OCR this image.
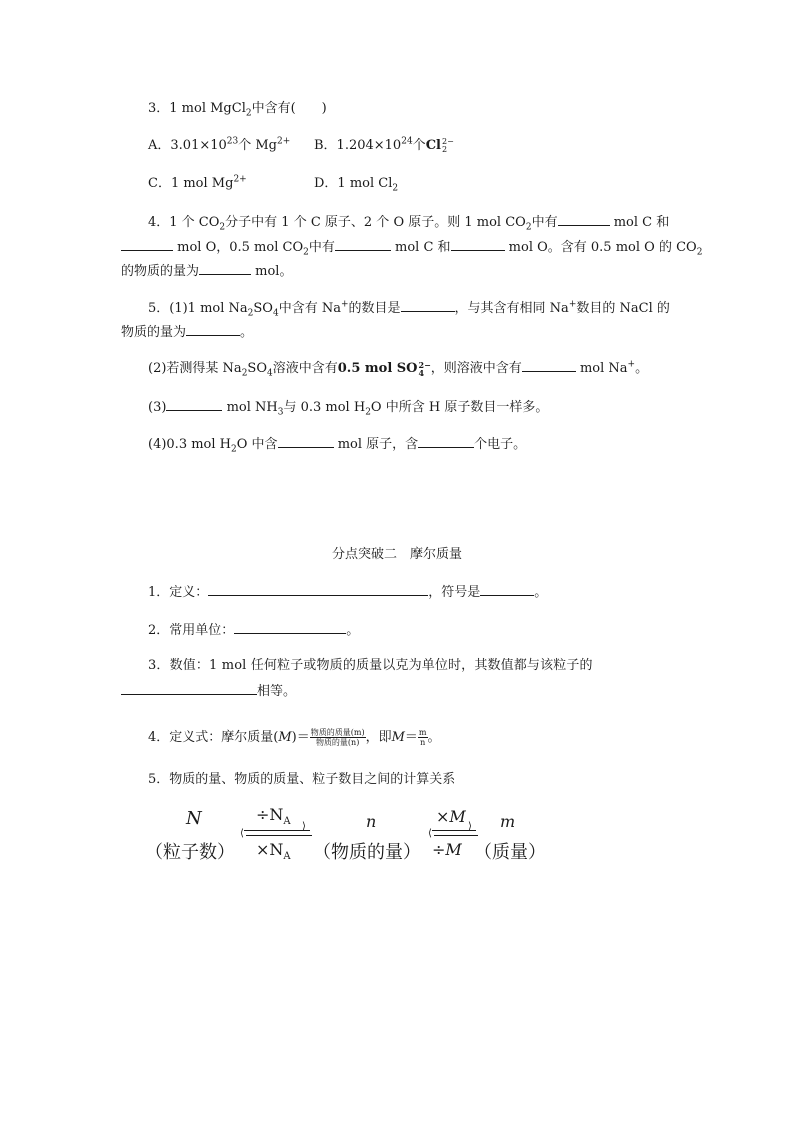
3．1 mol MgCl$_2$中含有(　　)
A．$3.01\times 10^{23}$个 $Mg^{2+}$ B．$1.204\times 10^{24}$个Cl 2−
2
C．1 mol $Mg^{2+}$	D．1 mol $Cl_2$
4．1 个 $CO_2$分子中有 1 个 C 原子、2 个 O 原子。则 1 mol $CO_2$中有	mol C 和
mol O，0.5 mol $CO_2$中有	mol C 和	mol O。含有 0.5 mol O 的 $CO_2$
的物质的量为	mol。
5．(1)1 mol $Na_2SO_4$中含有 Na+的数目是	，与其含有相同 Na+数目的 NaCl 的
物质的量为	。
(2)若测得某 $Na_2SO_4$溶液中含有0.5 mol SO 2−
4 ，则溶液中含有	mol Na+。
(3)	mol $NH_3$与 0.3 mol $H_2O$ 中所含 H 原子数目一样多。
(4)0.3 mol $H_2O$ 中含	mol 原子，含	个电子。
分点突破二　摩尔质量
1．定义：	，符号是	。
2．常用单位：	。
3．数值：1 mol 任何粒子或物质的质量以克为单位时，其数值都与该粒子的
相等。
4．定义式：摩尔质量$(M)= \frac{\text{物质的质量(m)}}{\text{物质的量(n)}}$ ，即$M= \frac{m}{n}$ 。
5．物质的量、物质的质量、粒子数目之间的计算关系
N
（粒子数）
$\div N_A$ ⟩
⟨
$\times N_A$
n
（物质的量）
×M
⟩
⟨
÷M
m
（质量）
